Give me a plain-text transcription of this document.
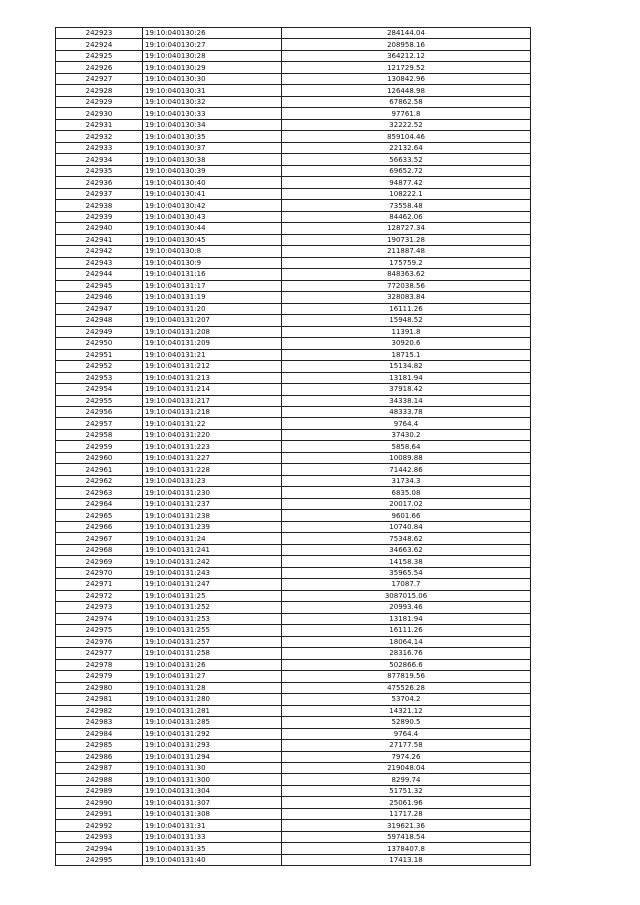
242923	19:10:040130:26	284144.04
242924	19:10:040130:27	208958.16
242925	19:10:040130:28	364212.12
242926	19:10:040130:29	121729.52
242927	19:10:040130:30	130842.96
242928	19:10:040130:31	126448.98
242929	19:10:040130:32	67862.58
242930	19:10:040130:33	97761.8
242931	19:10:040130:34	32222.52
242932	19:10:040130:35	859104.46
242933	19:10:040130:37	22132.64
242934	19:10:040130:38	56633.52
242935	19:10:040130:39	69652.72
242936	19:10:040130:40	94877.42
242937	19:10:040130:41	108222.1
242938	19:10:040130:42	73558.48
242939	19:10:040130:43	84462.06
242940	19:10:040130:44	128727.34
242941	19:10:040130:45	190731.28
242942	19:10:040130:8	211887.48
242943	19:10:040130:9	175759.2
242944	19:10:040131:16	848363.62
242945	19:10:040131:17	772038.56
242946	19:10:040131:19	328083.84
242947	19:10:040131:20	16111.26
242948	19:10:040131:207	15948.52
242949	19:10:040131:208	11391.8
242950	19:10:040131:209	30920.6
242951	19:10:040131:21	18715.1
242952	19:10:040131:212	15134.82
242953	19:10:040131:213	13181.94
242954	19:10:040131:214	37918.42
242955	19:10:040131:217	34338.14
242956	19:10:040131:218	48333.78
242957	19:10:040131:22	9764.4
242958	19:10:040131:220	37430.2
242959	19:10:040131:223	5858.64
242960	19:10:040131:227	10089.88
242961	19:10:040131:228	71442.86
242962	19:10:040131:23	31734.3
242963	19:10:040131:230	6835.08
242964	19:10:040131:237	20017.02
242965	19:10:040131:238	9601.66
242966	19:10:040131:239	10740.84
242967	19:10:040131:24	75348.62
242968	19:10:040131:241	34663.62
242969	19:10:040131:242	14158.38
242970	19:10:040131:243	35965.54
242971	19:10:040131:247	17087.7
242972	19:10:040131:25	3087015.06
242973	19:10:040131:252	20993.46
242974	19:10:040131:253	13181.94
242975	19:10:040131:255	16111.26
242976	19:10:040131:257	18064.14
242977	19:10:040131:258	28316.76
242978	19:10:040131:26	502866.6
242979	19:10:040131:27	877819.56
242980	19:10:040131:28	475526.28
242981	19:10:040131:280	53704.2
242982	19:10:040131:281	14321.12
242983	19:10:040131:285	52890.5
242984	19:10:040131:292	9764.4
242985	19:10:040131:293	27177.58
242986	19:10:040131:294	7974.26
242987	19:10:040131:30	219048.04
242988	19:10:040131:300	8299.74
242989	19:10:040131:304	51751.32
242990	19:10:040131:307	25061.96
242991	19:10:040131:308	11717.28
242992	19:10:040131:31	319621.36
242993	19:10:040131:33	597418.54
242994	19:10:040131:35	1378407.8
242995	19:10:040131:40	17413.18
